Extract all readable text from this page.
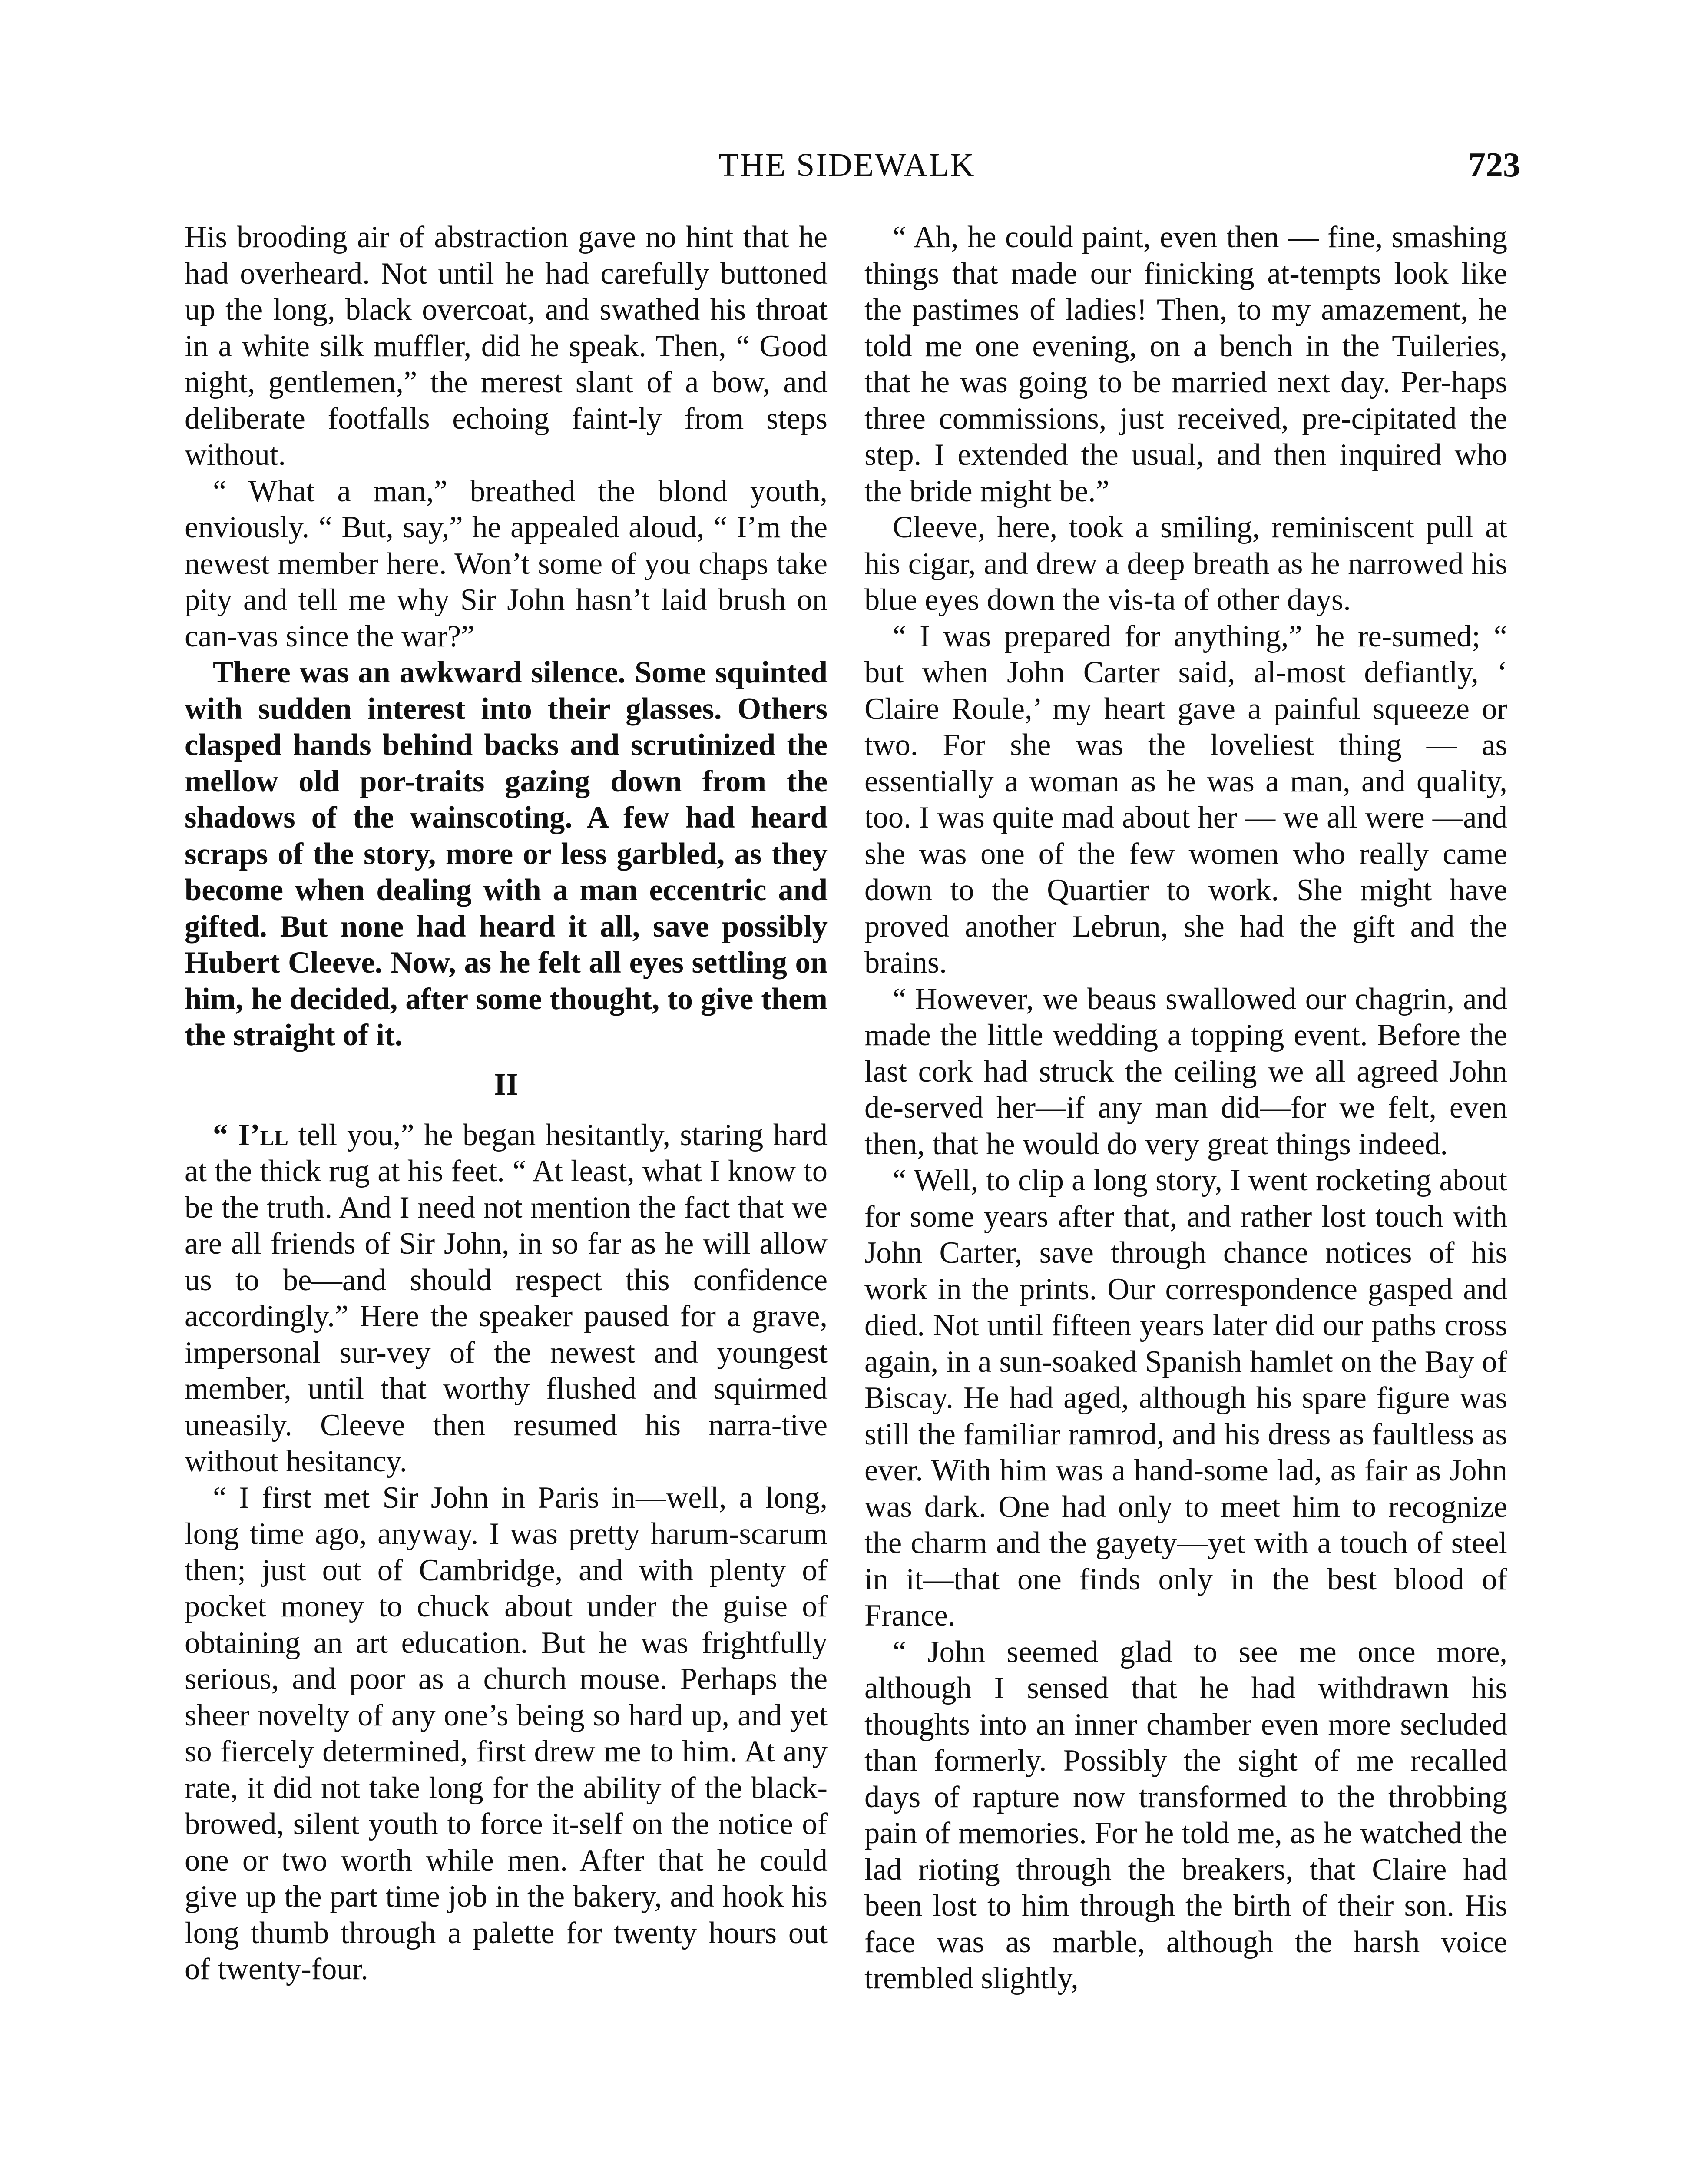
THE SIDEWALK	723

His brooding air of abstraction gave no hint that he had overheard. Not until he had carefully buttoned up the long, black overcoat, and swathed his throat in a white silk muffler, did he speak. Then, “ Good night, gentlemen,” the merest slant of a bow, and deliberate footfalls echoing faint-ly from steps without.

“ What a man,” breathed the blond youth, enviously. “ But, say,” he appealed aloud, “ I’m the newest member here. Won’t some of you chaps take pity and tell me why Sir John hasn’t laid brush on can-vas since the war?”

There was an awkward silence. Some squinted with sudden interest into their glasses. Others clasped hands behind backs and scrutinized the mellow old por-traits gazing down from the shadows of the wainscoting. A few had heard scraps of the story, more or less garbled, as they become when dealing with a man eccentric and gifted. But none had heard it all, save possibly Hubert Cleeve. Now, as he felt all eyes settling on him, he decided, after some thought, to give them the straight of it.

II

“ I’ll tell you,” he began hesitantly, staring hard at the thick rug at his feet. “ At least, what I know to be the truth. And I need not mention the fact that we are all friends of Sir John, in so far as he will allow us to be—and should respect this confidence accordingly.” Here the speaker paused for a grave, impersonal sur-vey of the newest and youngest member, until that worthy flushed and squirmed uneasily. Cleeve then resumed his narra-tive without hesitancy.

“ I first met Sir John in Paris in—well, a long, long time ago, anyway. I was pretty harum-scarum then; just out of Cambridge, and with plenty of pocket money to chuck about under the guise of obtaining an art education. But he was frightfully serious, and poor as a church mouse. Perhaps the sheer novelty of any one’s being so hard up, and yet so fiercely determined, first drew me to him. At any rate, it did not take long for the ability of the black-browed, silent youth to force it-self on the notice of one or two worth while men. After that he could give up the part time job in the bakery, and hook his long thumb through a palette for twenty hours out of twenty-four.

“ Ah, he could paint, even then — fine, smashing things that made our finicking at-tempts look like the pastimes of ladies! Then, to my amazement, he told me one evening, on a bench in the Tuileries, that he was going to be married next day. Per-haps three commissions, just received, pre-cipitated the step. I extended the usual, and then inquired who the bride might be.”

Cleeve, here, took a smiling, reminiscent pull at his cigar, and drew a deep breath as he narrowed his blue eyes down the vis-ta of other days.

“ I was prepared for anything,” he re-sumed; “ but when John Carter said, al-most defiantly, ‘ Claire Roule,’ my heart gave a painful squeeze or two. For she was the loveliest thing — as essentially a woman as he was a man, and quality, too. I was quite mad about her — we all were —and she was one of the few women who really came down to the Quartier to work. She might have proved another Lebrun, she had the gift and the brains.

“ However, we beaus swallowed our chagrin, and made the little wedding a topping event. Before the last cork had struck the ceiling we all agreed John de-served her—if any man did—for we felt, even then, that he would do very great things indeed.

“ Well, to clip a long story, I went rocketing about for some years after that, and rather lost touch with John Carter, save through chance notices of his work in the prints. Our correspondence gasped and died. Not until fifteen years later did our paths cross again, in a sun-soaked Spanish hamlet on the Bay of Biscay. He had aged, although his spare figure was still the familiar ramrod, and his dress as faultless as ever. With him was a hand-some lad, as fair as John was dark. One had only to meet him to recognize the charm and the gayety—yet with a touch of steel in it—that one finds only in the best blood of France.

“ John seemed glad to see me once more, although I sensed that he had withdrawn his thoughts into an inner chamber even more secluded than formerly. Possibly the sight of me recalled days of rapture now transformed to the throbbing pain of memories. For he told me, as he watched the lad rioting through the breakers, that Claire had been lost to him through the birth of their son. His face was as marble, although the harsh voice trembled slightly,
